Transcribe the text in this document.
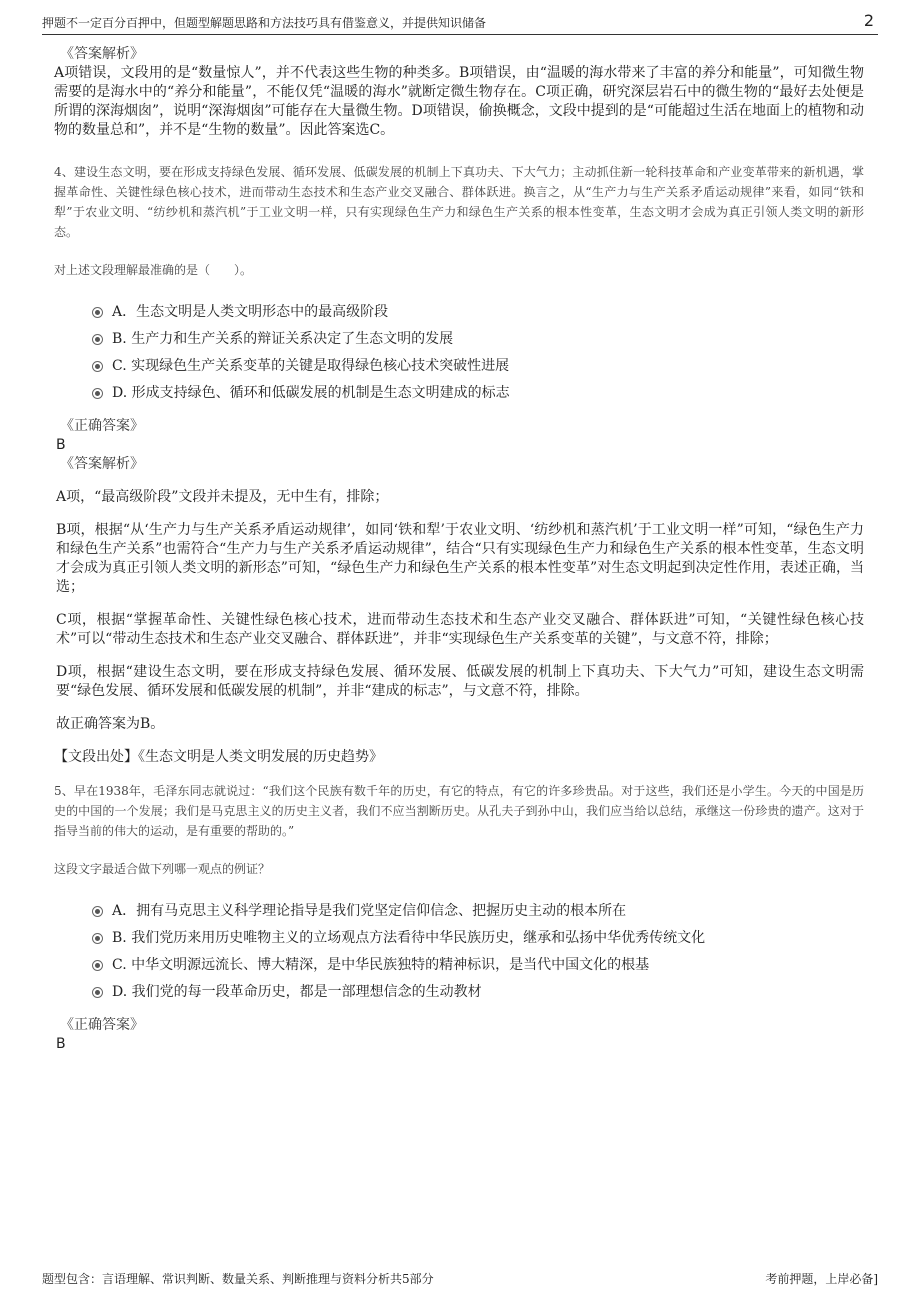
押题不一定百分百押中，但题型解题思路和方法技巧具有借鉴意义，并提供知识储备	2

《答案解析》

A项错误，文段用的是“数量惊人”，并不代表这些生物的种类多。B项错误，由“温暖的海水带来了丰富的养分和能量”，可知微生物需要的是海水中的“养分和能量”，不能仅凭“温暖的海水”就断定微生物存在。C项正确，研究深层岩石中的微生物的“最好去处便是所谓的深海烟囱”，说明“深海烟囱”可能存在大量微生物。D项错误，偷换概念，文段中提到的是“可能超过生活在地面上的植物和动物的数量总和”，并不是“生物的数量”。因此答案选C。

4、建设生态文明，要在形成支持绿色发展、循环发展、低碳发展的机制上下真功夫、下大气力；主动抓住新一轮科技革命和产业变革带来的新机遇，掌握革命性、关键性绿色核心技术，进而带动生态技术和生态产业交叉融合、群体跃进。换言之，从“生产力与生产关系矛盾运动规律”来看，如同“铁和犁”于农业文明、“纺纱机和蒸汽机”于工业文明一样，只有实现绿色生产力和绿色生产关系的根本性变革，生态文明才会成为真正引领人类文明的新形态。

对上述文段理解最准确的是（　　）。

A．生态文明是人类文明形态中的最高级阶段
B. 生产力和生产关系的辩证关系决定了生态文明的发展
C. 实现绿色生产关系变革的关键是取得绿色核心技术突破性进展
D. 形成支持绿色、循环和低碳发展的机制是生态文明建成的标志

《正确答案》

B

《答案解析》

A项，“最高级阶段”文段并未提及，无中生有，排除；

B项，根据“从‘生产力与生产关系矛盾运动规律’，如同‘铁和犁’于农业文明、‘纺纱机和蒸汽机’于工业文明一样”可知，“绿色生产力和绿色生产关系”也需符合“生产力与生产关系矛盾运动规律”，结合“只有实现绿色生产力和绿色生产关系的根本性变革，生态文明才会成为真正引领人类文明的新形态”可知，“绿色生产力和绿色生产关系的根本性变革”对生态文明起到决定性作用，表述正确，当选；

C项，根据“掌握革命性、关键性绿色核心技术，进而带动生态技术和生态产业交叉融合、群体跃进”可知，“关键性绿色核心技术”可以“带动生态技术和生态产业交叉融合、群体跃进”，并非“实现绿色生产关系变革的关键”，与文意不符，排除；

D项，根据“建设生态文明，要在形成支持绿色发展、循环发展、低碳发展的机制上下真功夫、下大气力”可知，建设生态文明需要“绿色发展、循环发展和低碳发展的机制”，并非“建成的标志”，与文意不符，排除。

故正确答案为B。

【文段出处】《生态文明是人类文明发展的历史趋势》

5、早在1938年，毛泽东同志就说过：“我们这个民族有数千年的历史，有它的特点，有它的许多珍贵品。对于这些，我们还是小学生。今天的中国是历史的中国的一个发展；我们是马克思主义的历史主义者，我们不应当割断历史。从孔夫子到孙中山，我们应当给以总结，承继这一份珍贵的遗产。这对于指导当前的伟大的运动，是有重要的帮助的。”

这段文字最适合做下列哪一观点的例证？

A．拥有马克思主义科学理论指导是我们党坚定信仰信念、把握历史主动的根本所在
B. 我们党历来用历史唯物主义的立场观点方法看待中华民族历史，继承和弘扬中华优秀传统文化
C. 中华文明源远流长、博大精深，是中华民族独特的精神标识，是当代中国文化的根基
D. 我们党的每一段革命历史，都是一部理想信念的生动教材

《正确答案》

B

题型包含：言语理解、常识判断、数量关系、判断推理与资料分析共5部分	考前押题，上岸必备]
